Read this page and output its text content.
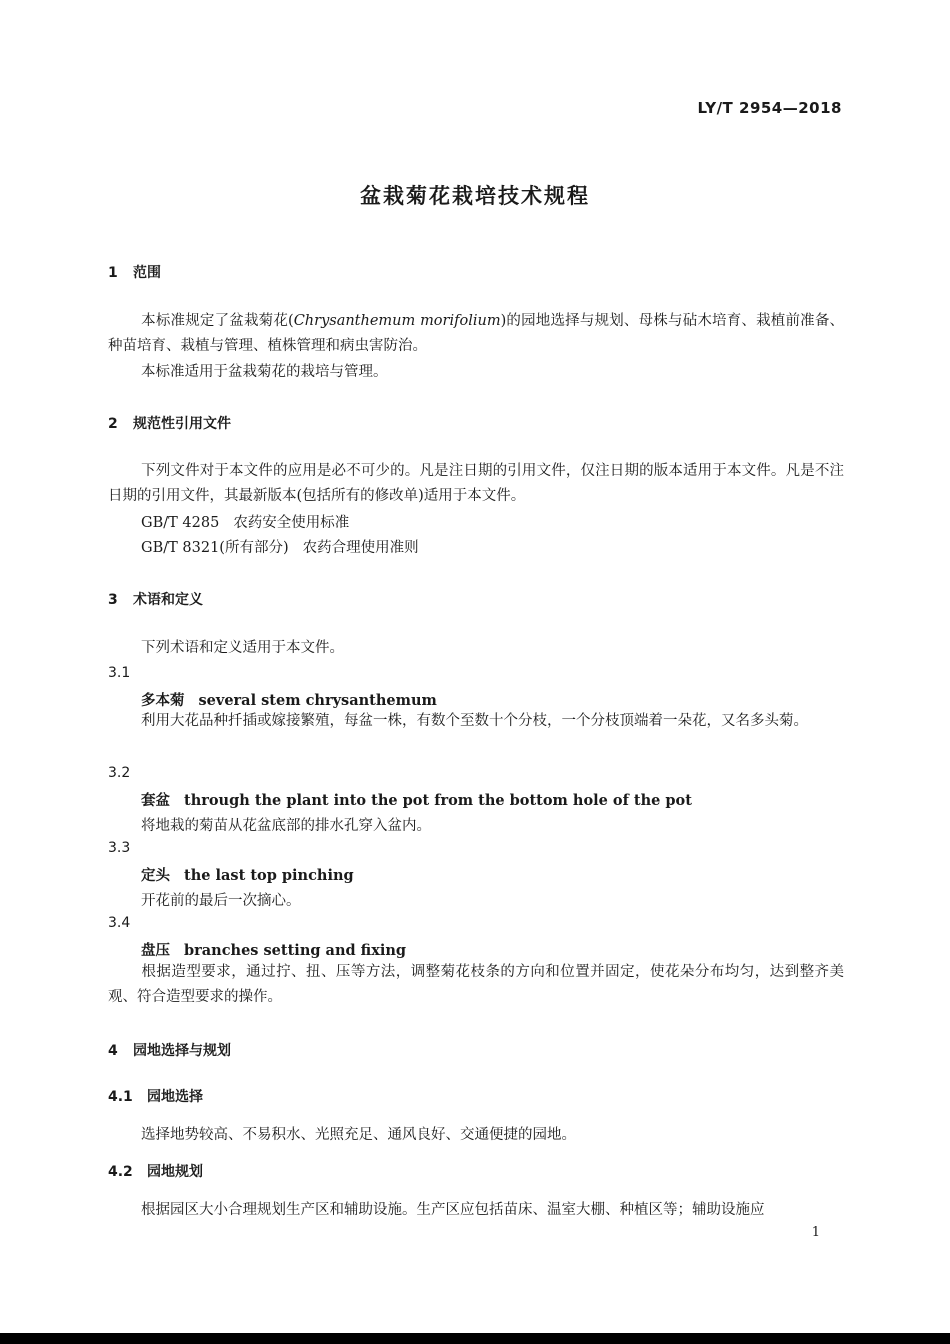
LY/T 2954—2018
盆栽菊花栽培技术规程
1 范围
本标准规定了盆栽菊花(Chrysanthemum morifolium)的园地选择与规划、母株与砧木培育、栽植前准备、种苗培育、栽植与管理、植株管理和病虫害防治。
本标准适用于盆栽菊花的栽培与管理。
2 规范性引用文件
下列文件对于本文件的应用是必不可少的。凡是注日期的引用文件，仅注日期的版本适用于本文件。凡是不注日期的引用文件，其最新版本(包括所有的修改单)适用于本文件。
GB/T 4285 农药安全使用标准
GB/T 8321(所有部分) 农药合理使用准则
3 术语和定义
下列术语和定义适用于本文件。
3.1
多本菊 several stem chrysanthemum
利用大花品种扦插或嫁接繁殖，每盆一株，有数个至数十个分枝，一个分枝顶端着一朵花，又名多头菊。
3.2
套盆 through the plant into the pot from the bottom hole of the pot
将地栽的菊苗从花盆底部的排水孔穿入盆内。
3.3
定头 the last top pinching
开花前的最后一次摘心。
3.4
盘压 branches setting and fixing
根据造型要求，通过拧、扭、压等方法，调整菊花枝条的方向和位置并固定，使花朵分布均匀，达到整齐美观、符合造型要求的操作。
4 园地选择与规划
4.1 园地选择
选择地势较高、不易积水、光照充足、通风良好、交通便捷的园地。
4.2 园地规划
根据园区大小合理规划生产区和辅助设施。生产区应包括苗床、温室大棚、种植区等；辅助设施应
1
